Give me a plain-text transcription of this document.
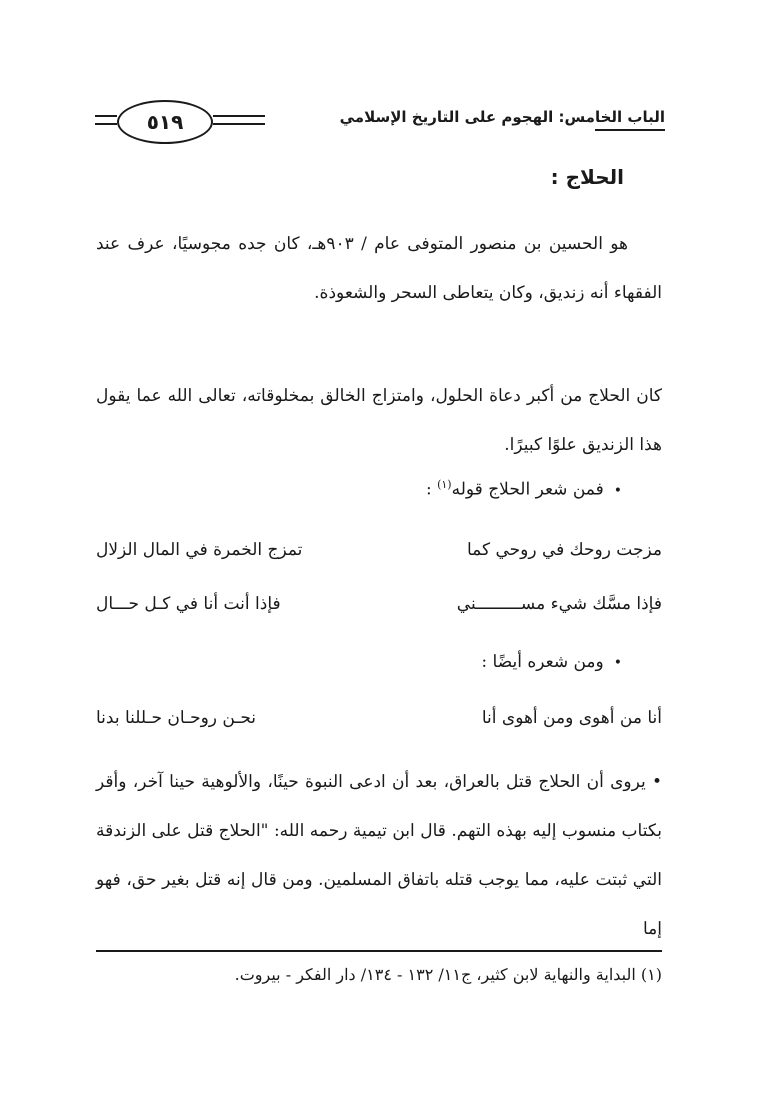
الباب الخامس: الهجوم على التاريخ الإسلامي
٥١٩
الحلاج :
هو الحسين بن منصور المتوفى عام / ٩٠٣هـ، كان جده مجوسيًا، عرف عند الفقهاء أنه زنديق، وكان يتعاطى السحر والشعوذة.
كان الحلاج من أكبر دعاة الحلول، وامتزاج الخالق بمخلوقاته، تعالى الله عما يقول هذا الزنديق علوًا كبيرًا.
•فمن شعر الحلاج قوله$^{(١)}$ :
مزجت روحك في روحي كما
تمزج الخمرة في المال الزلال
فإذا مسَّك شيء مســـــــــني
فإذا أنت أنا في كـل حـــال
•ومن شعره أيضًا :
أنا من أهوى ومن أهوى أنا
نحـن روحـان حـللنا بدنا
• يروى أن الحلاج قتل بالعراق، بعد أن ادعى النبوة حينًا، والألوهية حينا آخر، وأقر بكتاب منسوب إليه بهذه التهم. قال ابن تيمية رحمه الله: "الحلاج قتل على الزندقة التي ثبتت عليه، مما يوجب قتله باتفاق المسلمين. ومن قال إنه قتل بغير حق، فهو إما
(١) البداية والنهاية لابن كثير، ج١١/ ١٣٢ - ١٣٤/ دار الفكر - بيروت.
